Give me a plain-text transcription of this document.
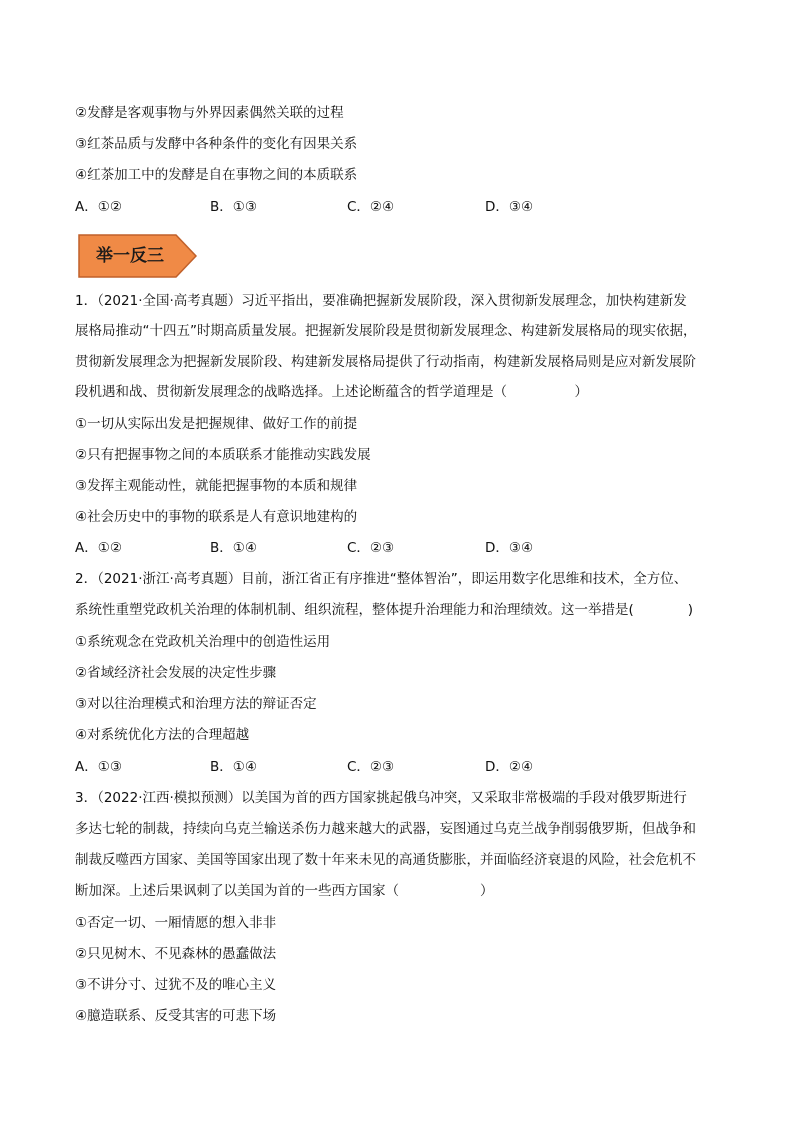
②发酵是客观事物与外界因素偶然关联的过程
③红茶品质与发酵中各种条件的变化有因果关系
④红茶加工中的发酵是自在事物之间的本质联系
A．①②	B．①③	C．②④	D．③④
举一反三
1．（2021·全国·高考真题）习近平指出，要准确把握新发展阶段，深入贯彻新发展理念，加快构建新发
展格局推动“十四五”时期高质量发展。把握新发展阶段是贯彻新发展理念、构建新发展格局的现实依据，
贯彻新发展理念为把握新发展阶段、构建新发展格局提供了行动指南，构建新发展格局则是应对新发展阶
段机遇和战、贯彻新发展理念的战略选择。上述论断蕴含的哲学道理是（　　　　　）
①一切从实际出发是把握规律、做好工作的前提
②只有把握事物之间的本质联系才能推动实践发展
③发挥主观能动性，就能把握事物的本质和规律
④社会历史中的事物的联系是人有意识地建构的
A．①②	B．①④	C．②③	D．③④
2．（2021·浙江·高考真题）目前，浙江省正有序推进“整体智治”，即运用数字化思维和技术，全方位、
系统性重塑党政机关治理的体制机制、组织流程，整体提升治理能力和治理绩效。这一举措是(　　　　)
①系统观念在党政机关治理中的创造性运用
②省域经济社会发展的决定性步骤
③对以往治理模式和治理方法的辩证否定
④对系统优化方法的合理超越
A．①③	B．①④	C．②③	D．②④
3．（2022·江西·模拟预测）以美国为首的西方国家挑起俄乌冲突，又采取非常极端的手段对俄罗斯进行
多达七轮的制裁，持续向乌克兰输送杀伤力越来越大的武器，妄图通过乌克兰战争削弱俄罗斯，但战争和
制裁反噬西方国家、美国等国家出现了数十年来未见的高通货膨胀，并面临经济衰退的风险，社会危机不
断加深。上述后果讽刺了以美国为首的一些西方国家（　　　　　　）
①否定一切、一厢情愿的想入非非
②只见树木、不见森林的愚蠢做法
③不讲分寸、过犹不及的唯心主义
④臆造联系、反受其害的可悲下场
